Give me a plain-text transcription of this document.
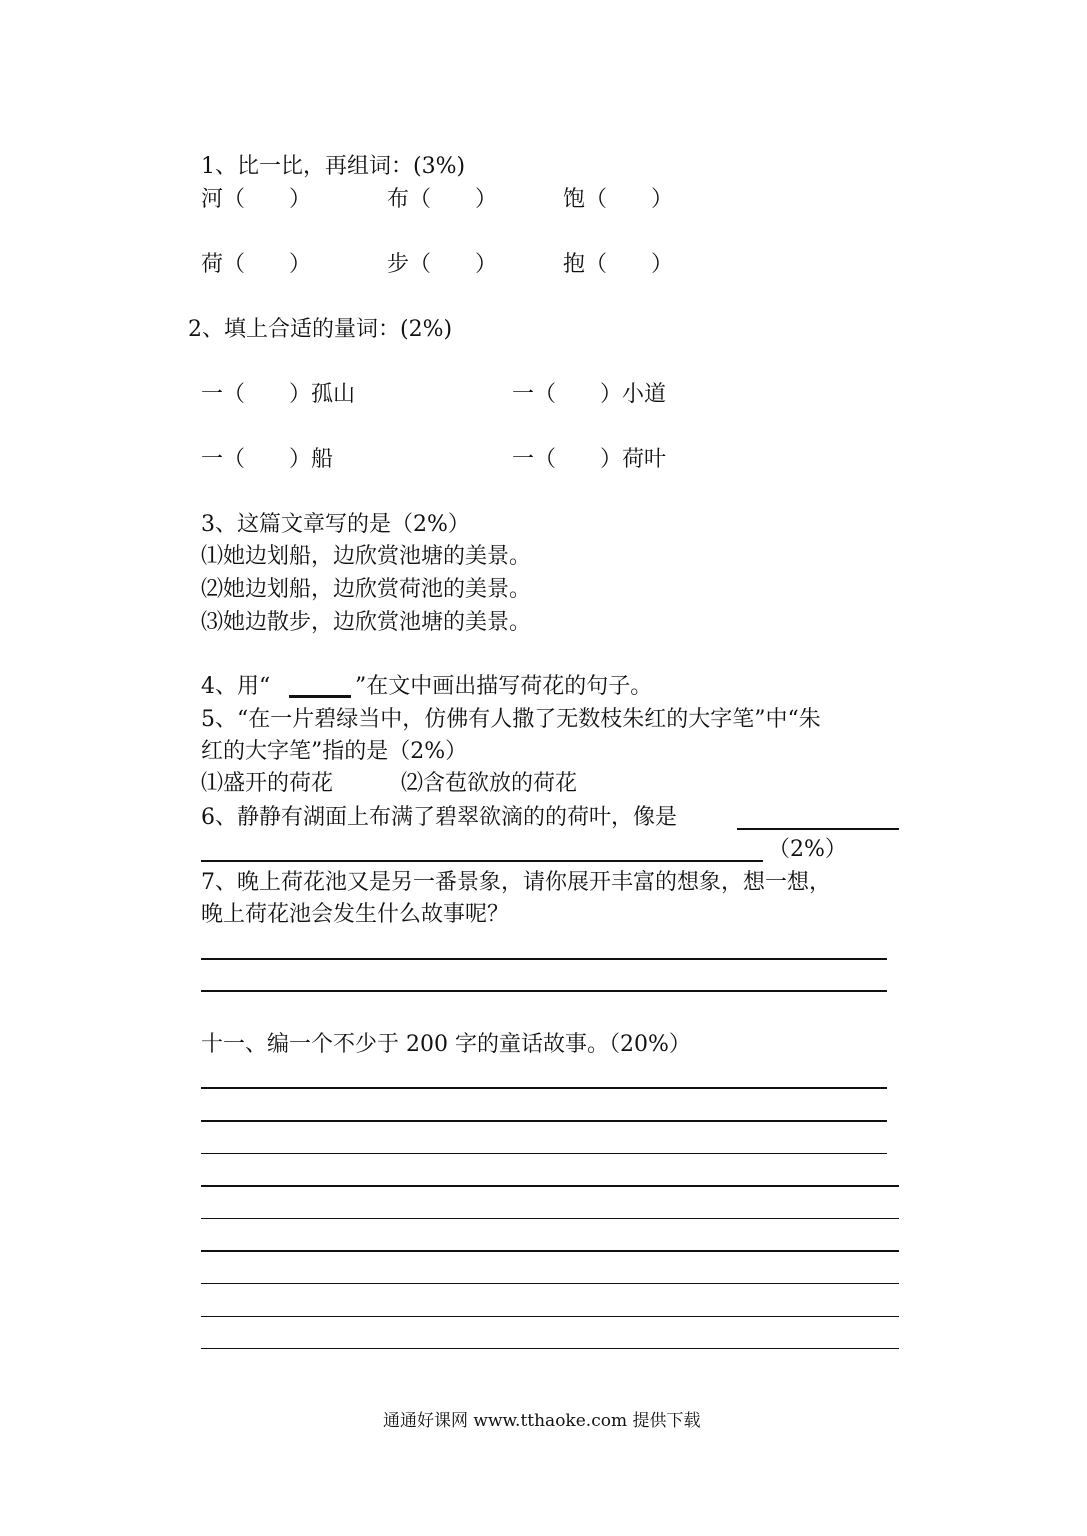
1、比一比，再组词：(3%)
河（　　）	布（　　）	饱（　　）
荷（　　）	步（　　）	抱（　　）
2、填上合适的量词：(2%)
一（　　）孤山	一（　　）小道
一（　　）船	一（　　）荷叶
3、这篇文章写的是（2%）
⑴她边划船，边欣赏池塘的美景。
⑵她边划船，边欣赏荷池的美景。
⑶她边散步，边欣赏池塘的美景。
4、用“	”在文中画出描写荷花的句子。
5、“在一片碧绿当中，仿佛有人撒了无数枝朱红的大字笔”中“朱
红的大字笔”指的是（2%）
⑴盛开的荷花	⑵含苞欲放的荷花
6、静静有湖面上布满了碧翠欲滴的的荷叶，像是
（2%）
7、晚上荷花池又是另一番景象，请你展开丰富的想象，想一想，
晚上荷花池会发生什么故事呢？
十一、编一个不少于 200 字的童话故事。（20%）
通通好课网 www.tthaoke.com 提供下载
